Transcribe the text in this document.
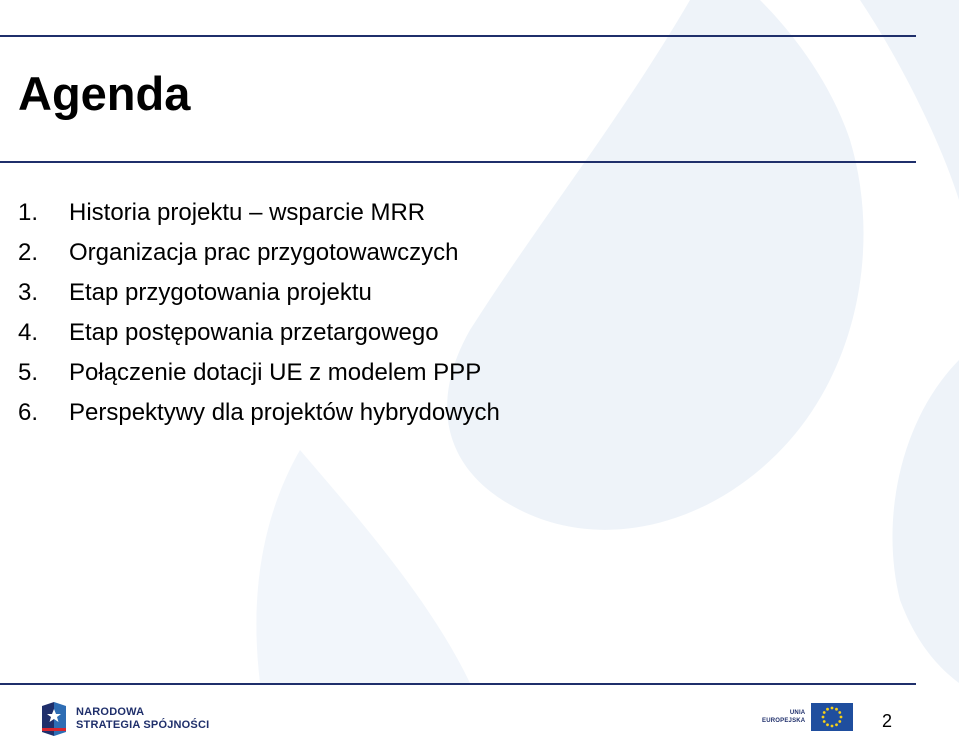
Agenda
1.	Historia projektu – wsparcie MRR
2.	Organizacja prac przygotowawczych
3.	Etap przygotowania projektu
4.	Etap postępowania przetargowego
5.	Połączenie dotacji UE z modelem PPP
6.	Perspektywy dla projektów hybrydowych
NARODOWA
STRATEGIA SPÓJNOŚCI
UNIA
EUROPEJSKA	2
